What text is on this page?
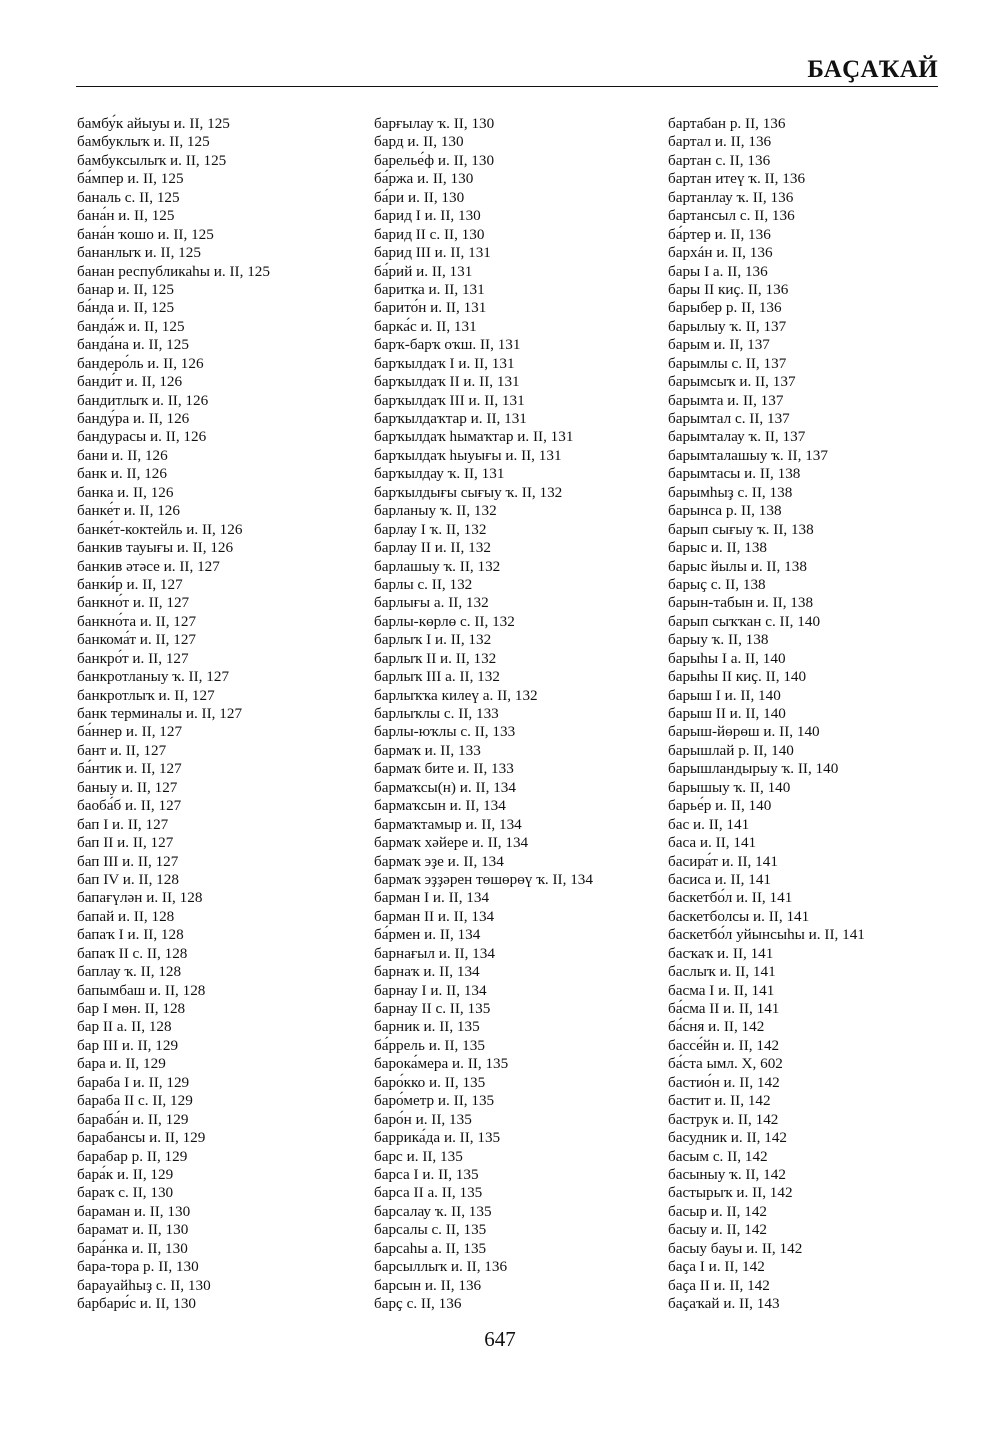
БАҪАҠАЙ
бамбу́к айыуы и. II, 125
бамбуклыҡ и. II, 125
бамбуксылыҡ и. II, 125
ба́мпер и. II, 125
баналь с. II, 125
бана́н и. II, 125
бана́н ҡошо и. II, 125
бананлыҡ и. II, 125
банан республикаһы и. II, 125
банар и. II, 125
ба́нда и. II, 125
банда́ж и. II, 125
банда́на и. II, 125
бандеро́ль и. II, 126
банди́т и. II, 126
бандитлыҡ и. II, 126
банду́ра и. II, 126
бандурасы и. II, 126
бани и. II, 126
банк и. II, 126
банка и. II, 126
банке́т и. II, 126
банке́т-коктейль и. II, 126
банкив тауығы и. II, 126
банкив әтәсе и. II, 127
банки́р и. II, 127
банкно́т и. II, 127
банкно́та и. II, 127
банкома́т и. II, 127
банкро́т и. II, 127
банкротланыу ҡ. II, 127
банкротлыҡ и. II, 127
банк терминалы и. II, 127
ба́ннер и. II, 127
бант и. II, 127
ба́нтик и. II, 127
баныу и. II, 127
баоба́б и. II, 127
бап I и. II, 127
бап II и. II, 127
бап III и. II, 127
бап IV и. II, 128
бапағүлән и. II, 128
бапай и. II, 128
бапаҡ I и. II, 128
бапаҡ II с. II, 128
баплау ҡ. II, 128
бапымбаш и. II, 128
бар I мөн. II, 128
бар II а. II, 128
бар III и. II, 129
бара и. II, 129
бараба I и. II, 129
бараба II с. II, 129
бараба́н и. II, 129
барабансы и. II, 129
барабар р. II, 129
бара́к и. II, 129
бараҡ с. II, 130
бараман и. II, 130
барамат и. II, 130
бара́нка и. II, 130
бара-тора р. II, 130
бараyайһыҙ с. II, 130
барбари́с и. II, 130
барғылау ҡ. II, 130
бард и. II, 130
барелье́ф и. II, 130
ба́ржа и. II, 130
ба́ри и. II, 130
барид I и. II, 130
барид II с. II, 130
барид III и. II, 131
ба́рий и. II, 131
баритка и. II, 131
барито́н и. II, 131
барка́с и. II, 131
барҡ-барҡ оҡш. II, 131
барҡылдаҡ I и. II, 131
барҡылдаҡ II и. II, 131
барҡылдаҡ III и. II, 131
барҡылдаҡтар и. II, 131
барҡылдаҡ һымаҡтар и. II, 131
барҡылдаҡ һыуығы и. II, 131
барҡылдау ҡ. II, 131
барҡылдығы сығыу ҡ. II, 132
барланыу ҡ. II, 132
барлау I ҡ. II, 132
барлау II и. II, 132
барлашыу ҡ. II, 132
барлы с. II, 132
барлығы а. II, 132
барлы-көрлө с. II, 132
барлыҡ I и. II, 132
барлыҡ II и. II, 132
барлыҡ III а. II, 132
барлыҡҡа килеү а. II, 132
барлыҡлы с. II, 133
барлы-юҡлы с. II, 133
бармаҡ и. II, 133
бармаҡ бите и. II, 133
бармаҡсы(н) и. II, 134
бармаҡсын и. II, 134
бармаҡтамыр и. II, 134
бармаҡ хәйере и. II, 134
бармаҡ эҙе и. II, 134
бармаҡ эҙҙәрен төшөрөү ҡ. II, 134
барман I и. II, 134
барман II и. II, 134
ба́рмен и. II, 134
барнағыл и. II, 134
барнаҡ и. II, 134
барнау I и. II, 134
барнау II с. II, 135
барник и. II, 135
ба́ррель и. II, 135
барока́мера и. II, 135
баро́кко и. II, 135
баро́метр и. II, 135
баро́н и. II, 135
баррика́да и. II, 135
барс и. II, 135
барса I и. II, 135
барса II а. II, 135
барсалау ҡ. II, 135
барсалы с. II, 135
барсаһы а. II, 135
барсыллыҡ и. II, 136
барсын и. II, 136
барҫ с. II, 136
бартабан р. II, 136
бартал и. II, 136
бартан с. II, 136
бартан итеү ҡ. II, 136
бартанлау ҡ. II, 136
бартансыл с. II, 136
ба́ртер и. II, 136
бархáн и. II, 136
бары I а. II, 136
бары II киҫ. II, 136
барыбер р. II, 136
барылыу ҡ. II, 137
барым и. II, 137
барымлы с. II, 137
барымсыҡ и. II, 137
барымта и. II, 137
барымтал с. II, 137
барымталау ҡ. II, 137
барымталашыу ҡ. II, 137
барымтасы и. II, 138
барымһыҙ с. II, 138
барынса р. II, 138
барып сығыу ҡ. II, 138
барыс и. II, 138
барыс йылы и. II, 138
барыҫ с. II, 138
барын-табын и. II, 138
барып сыҡҡан с. II, 140
барыу ҡ. II, 138
барыһы I а. II, 140
барыһы II киҫ. II, 140
барыш I и. II, 140
барыш II и. II, 140
барыш-йөрөш и. II, 140
барышлай р. II, 140
барышландырыу ҡ. II, 140
барышыу ҡ. II, 140
барье́р и. II, 140
бас и. II, 141
баса и. II, 141
басира́т и. II, 141
басиса и. II, 141
баскетбо́л и. II, 141
баскетболсы и. II, 141
баскетбо́л уйынсыһы и. II, 141
басҡаҡ и. II, 141
баслыҡ и. II, 141
басма I и. II, 141
ба́сма II и. II, 141
ба́сня и. II, 142
бассе́йн и. II, 142
ба́ста ымл. X, 602
бастио́н и. II, 142
бастит и. II, 142
баструк и. II, 142
басудник и. II, 142
басым с. II, 142
басыныу ҡ. II, 142
бастырыҡ и. II, 142
басыр и. II, 142
басыу и. II, 142
басыу бауы и. II, 142
баҫа I и. II, 142
баҫа II и. II, 142
баҫаҡай и. II, 143
647
